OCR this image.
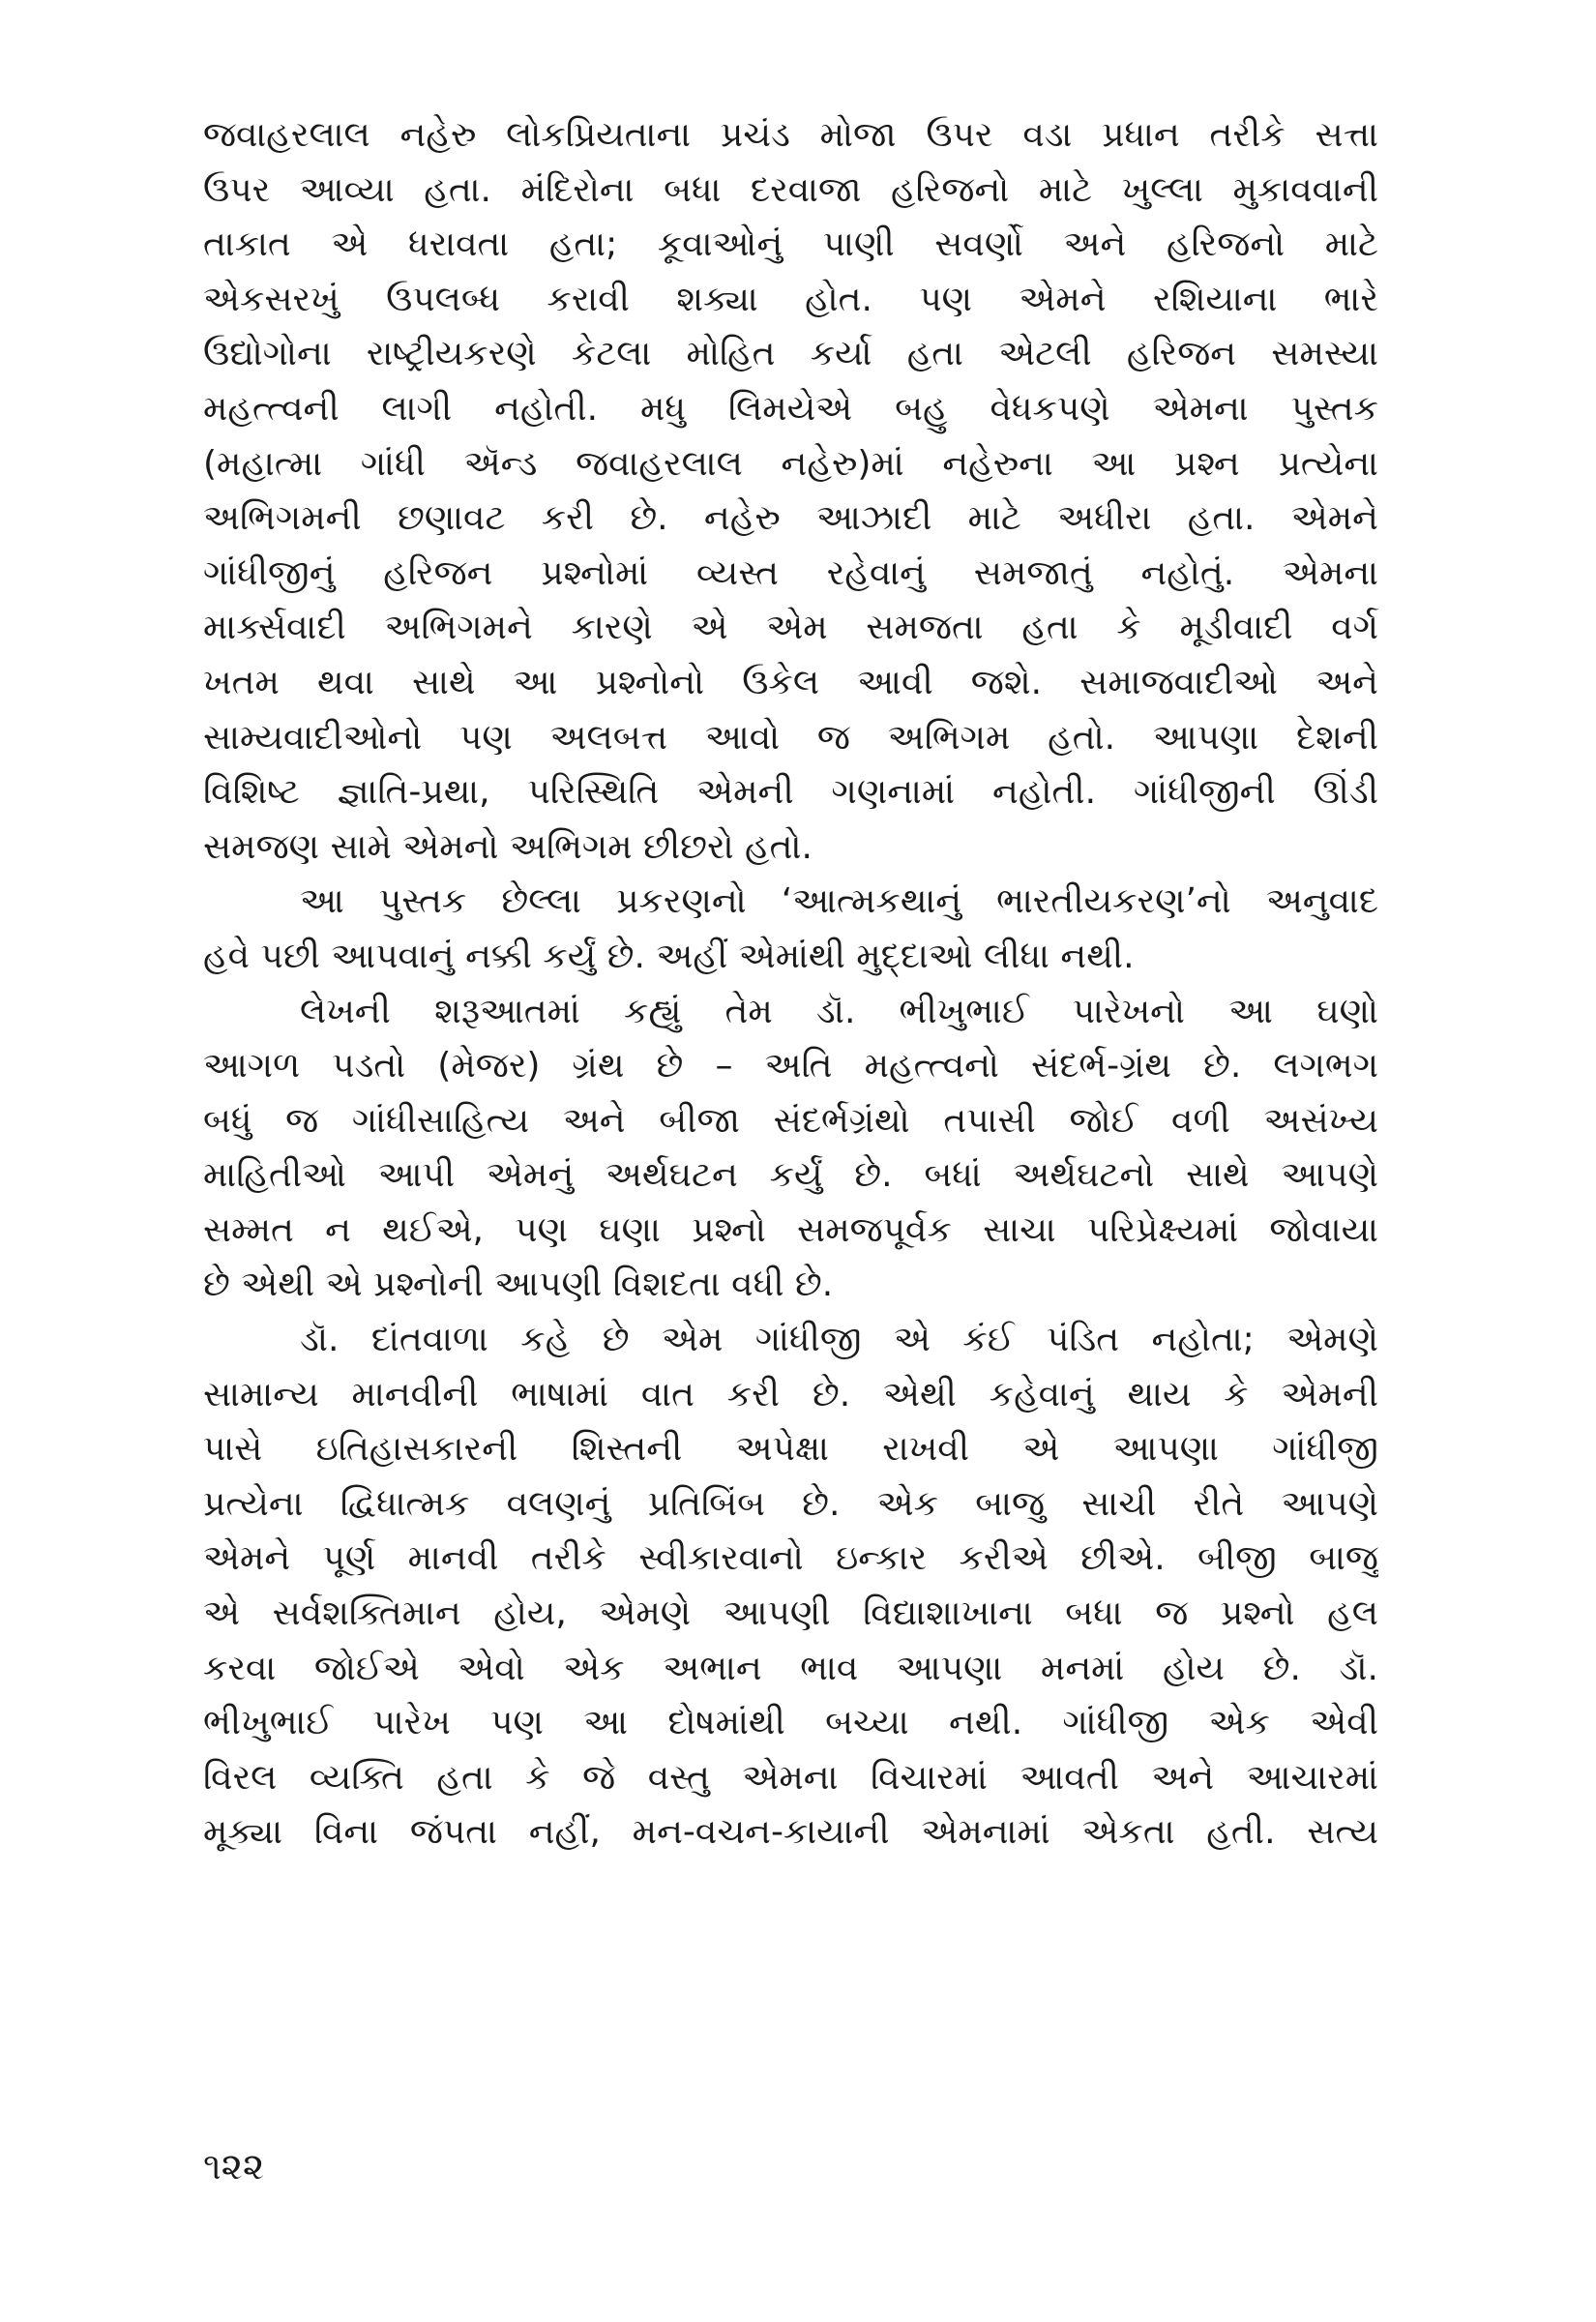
જવાહરલાલ નહેરુ લોકપ્રિયતાના પ્રચંડ મોજા ઉપર વડા પ્રધાન તરીકે સત્તા
ઉપર આવ્યા હતા. મંદિરોના બધા દરવાજા હરિજનો માટે ખુલ્લા મુકાવવાની
તાકાત એ ધરાવતા હતા; કૂવાઓનું પાણી સવર્ણો અને હરિજનો માટે
એકસરખું ઉપલબ્ધ કરાવી શક્યા હોત. પણ એમને રશિયાના ભારે
ઉદ્યોગોના રાષ્ટ્રીયકરણે કેટલા મોહિત કર્યા હતા એટલી હરિજન સમસ્યા
મહત્ત્વની લાગી નહોતી. મધુ લિમયેએ બહુ વેધકપણે એમના પુસ્તક
(મહાત્મા ગાંધી ઍન્ડ જવાહરલાલ નહેરુ)માં નહેરુના આ પ્રશ્ન પ્રત્યેના
અભિગમની છણાવટ કરી છે. નહેરુ આઝાદી માટે અધીરા હતા. એમને
ગાંધીજીનું હરિજન પ્રશ્નોમાં વ્યસ્ત રહેવાનું સમજાતું નહોતું. એમના
માર્ક્સવાદી અભિગમને કારણે એ એમ સમજતા હતા કે મૂડીવાદી વર્ગ
ખતમ થવા સાથે આ પ્રશ્નોનો ઉકેલ આવી જશે. સમાજવાદીઓ અને
સામ્યવાદીઓનો પણ અલબત્ત આવો જ અભિગમ હતો. આપણા દેશની
વિશિષ્ટ જ્ઞાતિ-પ્રથા, પરિસ્થિતિ એમની ગણનામાં નહોતી. ગાંધીજીની ઊંડી
સમજણ સામે એમનો અભિગમ છીછરો હતો.
આ પુસ્તક છેલ્લા પ્રકરણનો ‘આત્મકથાનું ભારતીયકરણ’નો અનુવાદ
હવે પછી આપવાનું નક્કી કર્યું છે. અહીં એમાંથી મુદ્દાઓ લીધા નથી.
લેખની શરૂઆતમાં કહ્યું તેમ ડૉ. ભીખુભાઈ પારેખનો આ ઘણો
આગળ પડતો (મેજર) ગ્રંથ છે – અતિ મહત્ત્વનો સંદર્ભ-ગ્રંથ છે. લગભગ
બધું જ ગાંધીસાહિત્ય અને બીજા સંદર્ભગ્રંથો તપાસી જોઈ વળી અસંખ્ય
માહિતીઓ આપી એમનું અર્થઘટન કર્યું છે. બધાં અર્થઘટનો સાથે આપણે
સમ્મત ન થઈએ, પણ ઘણા પ્રશ્નો સમજપૂર્વક સાચા પરિપ્રેક્ષ્યમાં જોવાયા
છે એથી એ પ્રશ્નોની આપણી વિશદતા વધી છે.
ડૉ. દાંતવાળા કહે છે એમ ગાંધીજી એ કંઈ પંડિત નહોતા; એમણે
સામાન્ય માનવીની ભાષામાં વાત કરી છે. એથી કહેવાનું થાય કે એમની
પાસે ઇતિહાસકારની શિસ્તની અપેક્ષા રાખવી એ આપણા ગાંધીજી
પ્રત્યેના દ્વિધાત્મક વલણનું પ્રતિબિંબ છે. એક બાજુ સાચી રીતે આપણે
એમને પૂર્ણ માનવી તરીકે સ્વીકારવાનો ઇન્કાર કરીએ છીએ. બીજી બાજુ
એ સર્વશક્તિમાન હોય, એમણે આપણી વિદ્યાશાખાના બધા જ પ્રશ્નો હલ
કરવા જોઈએ એવો એક અભાન ભાવ આપણા મનમાં હોય છે. ડૉ.
ભીખુભાઈ પારેખ પણ આ દોષમાંથી બચ્યા નથી. ગાંધીજી એક એવી
વિરલ વ્યક્તિ હતા કે જે વસ્તુ એમના વિચારમાં આવતી અને આચારમાં
મૂક્યા વિના જંપતા નહીં, મન-વચન-કાયાની એમનામાં એકતા હતી. સત્ય
૧૨૨
